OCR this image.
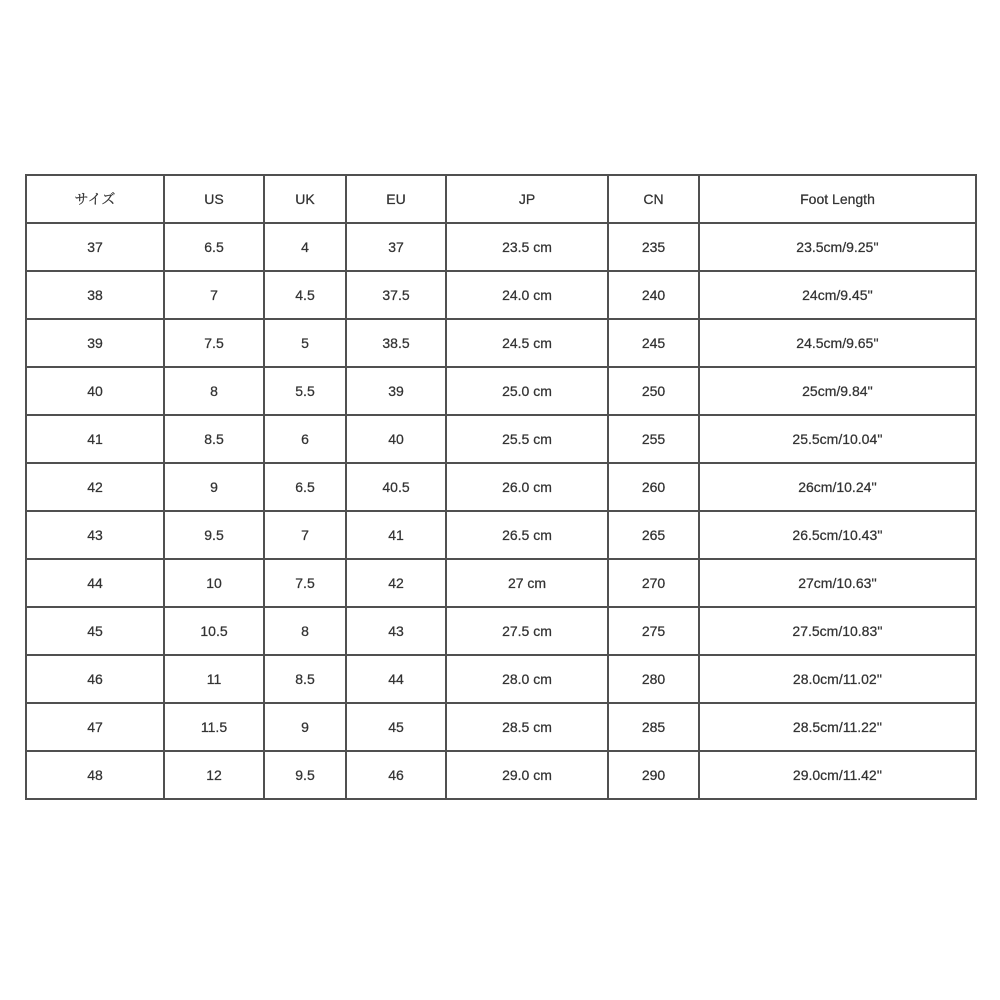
サイズ	US	UK	EU	JP	CN	Foot Length
37	6.5	4	37	23.5 cm	235	23.5cm/9.25''
38	7	4.5	37.5	24.0 cm	240	24cm/9.45''
39	7.5	5	38.5	24.5 cm	245	24.5cm/9.65''
40	8	5.5	39	25.0 cm	250	25cm/9.84''
41	8.5	6	40	25.5 cm	255	25.5cm/10.04''
42	9	6.5	40.5	26.0 cm	260	26cm/10.24''
43	9.5	7	41	26.5 cm	265	26.5cm/10.43''
44	10	7.5	42	27 cm	270	27cm/10.63''
45	10.5	8	43	27.5 cm	275	27.5cm/10.83''
46	11	8.5	44	28.0 cm	280	28.0cm/11.02''
47	11.5	9	45	28.5 cm	285	28.5cm/11.22''
48	12	9.5	46	29.0 cm	290	29.0cm/11.42''
